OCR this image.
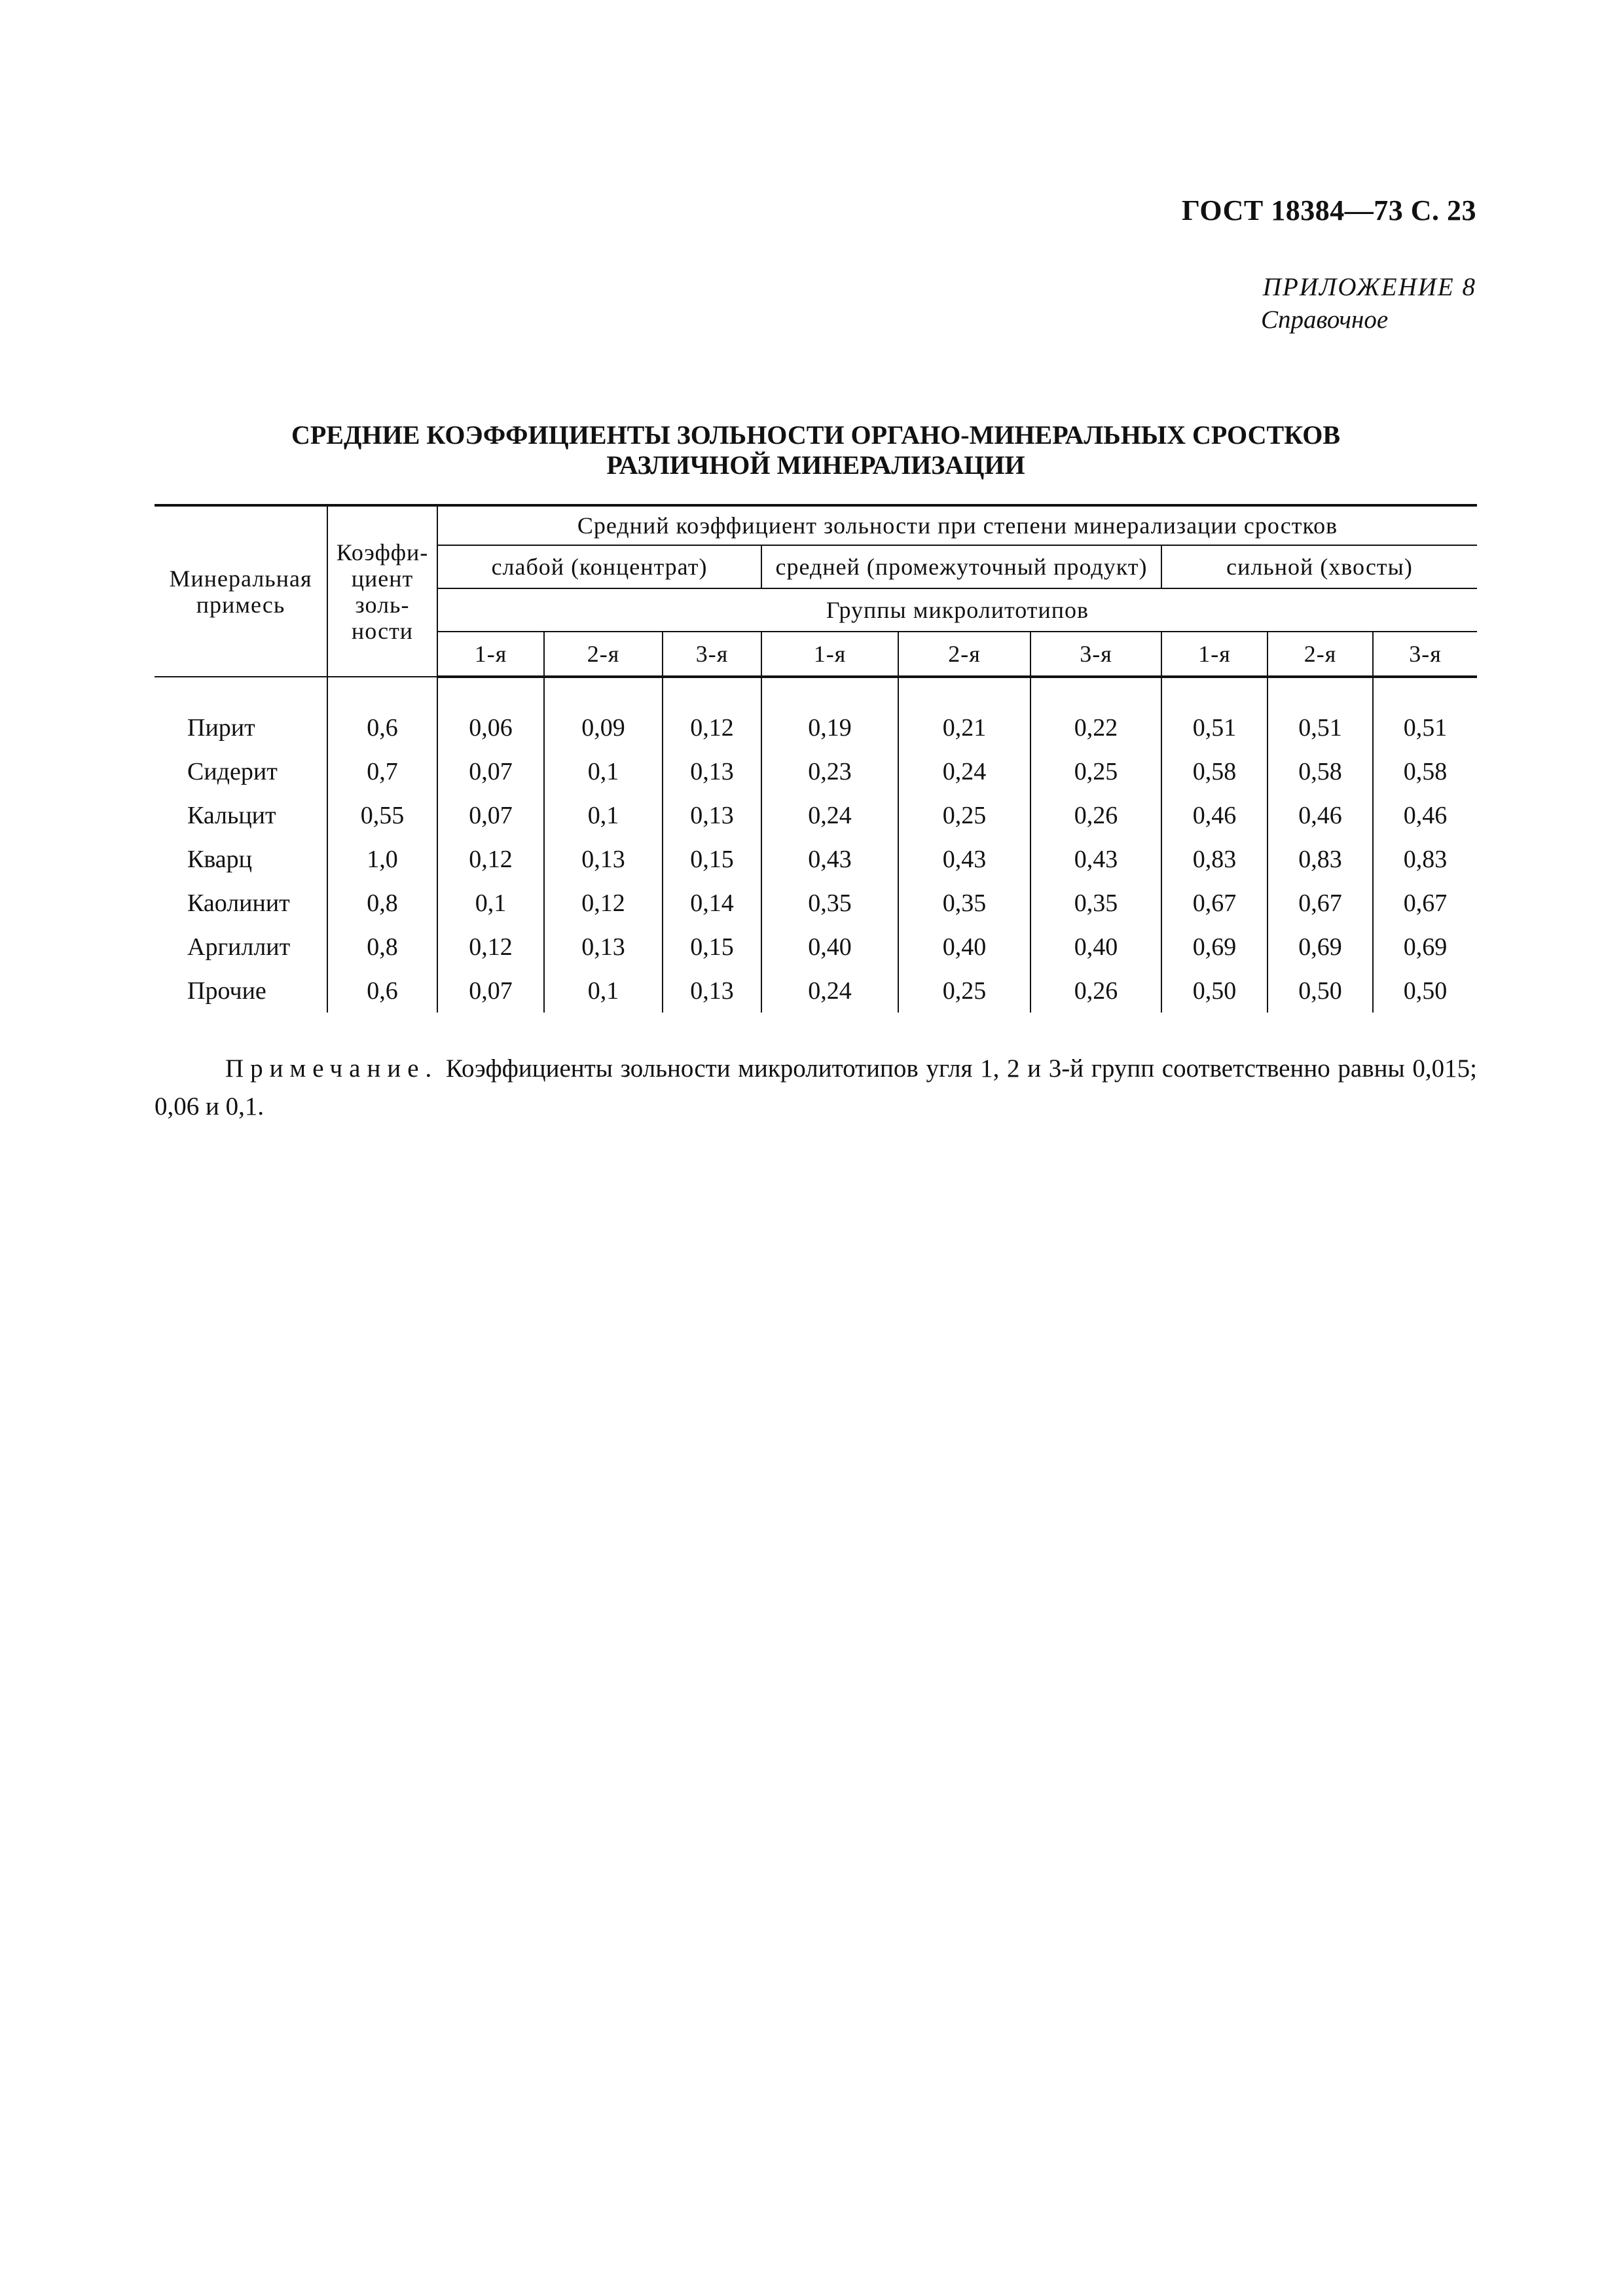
ГОСТ 18384—73 С. 23
ПРИЛОЖЕНИЕ 8
Справочное
СРЕДНИЕ КОЭФФИЦИЕНТЫ ЗОЛЬНОСТИ ОРГАНО-МИНЕРАЛЬНЫХ СРОСТКОВ
РАЗЛИЧНОЙ МИНЕРАЛИЗАЦИИ
Минеральная примесь	Коэффи- циент золь- ности	Средний коэффициент зольности при степени минерализации сростков								
		слабой (концентрат)			средней (промежуточный продукт)			сильной (хвосты)		
		Группы микролитотипов								
		1-я	2-я	3-я	1-я	2-я	3-я	1-я	2-я	3-я

Пирит	0,6	0,06	0,09	0,12	0,19	0,21	0,22	0,51	0,51	0,51
Сидерит	0,7	0,07	0,1	0,13	0,23	0,24	0,25	0,58	0,58	0,58
Кальцит	0,55	0,07	0,1	0,13	0,24	0,25	0,26	0,46	0,46	0,46
Кварц	1,0	0,12	0,13	0,15	0,43	0,43	0,43	0,83	0,83	0,83
Каолинит	0,8	0,1	0,12	0,14	0,35	0,35	0,35	0,67	0,67	0,67
Аргиллит	0,8	0,12	0,13	0,15	0,40	0,40	0,40	0,69	0,69	0,69
Прочие	0,6	0,07	0,1	0,13	0,24	0,25	0,26	0,50	0,50	0,50
Примечание. Коэффициенты зольности микролитотипов угля 1, 2 и 3-й групп соответственно равны 0,015; 0,06 и 0,1.
